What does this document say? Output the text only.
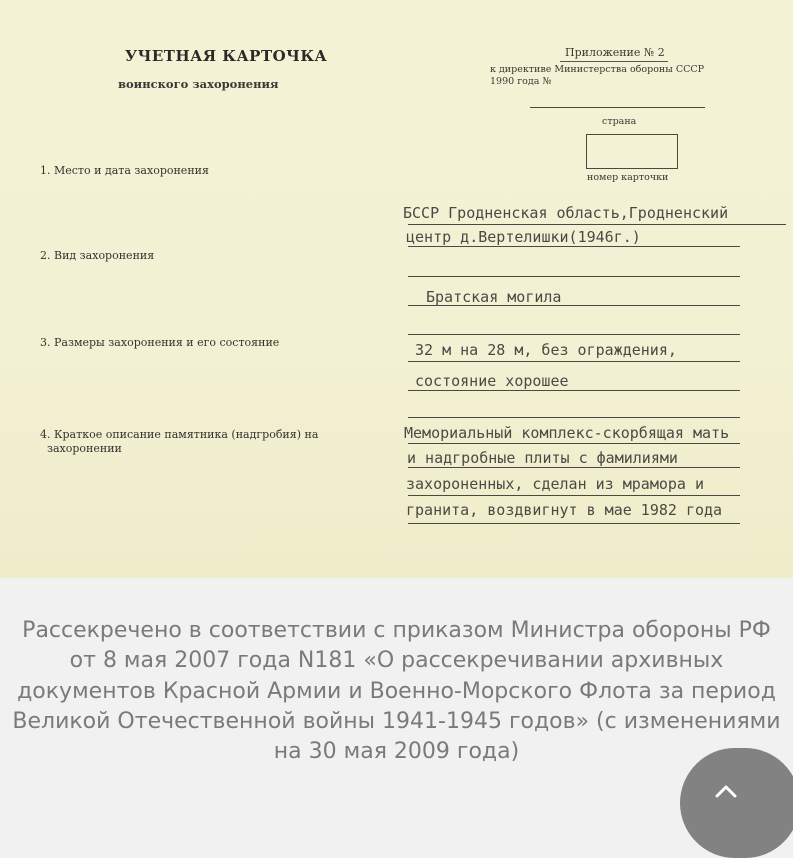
УЧЕТНАЯ КАРТОЧКА
воинского захоронения
Приложение № 2
к директиве Министерства обороны СССР
1990 года №
страна
номер карточки
1. Место и дата захоронения
БССР Гродненская область,Гродненский
центр д.Вертелишки(1946г.)
2. Вид захоронения
Братская могила
3. Размеры захоронения и его состояние	32 м на 28 м, без ограждения,
состояние хорошее
4. Краткое описание памятника (надгробия) на
захоронении
Мемориальный комплекс-скорбящая мать
и надгробные плиты с фамилиями
захороненных, сделан из мрамора и
гранита, воздвигнут в мае 1982 года
Рассекречено в соответствии с приказом Министра обороны РФ от 8 мая 2007 года N181 «О рассекречивании архивных документов Красной Армии и Военно-Морского Флота за период Великой Отечественной войны 1941-1945 годов» (с изменениями на 30 мая 2009 года)
